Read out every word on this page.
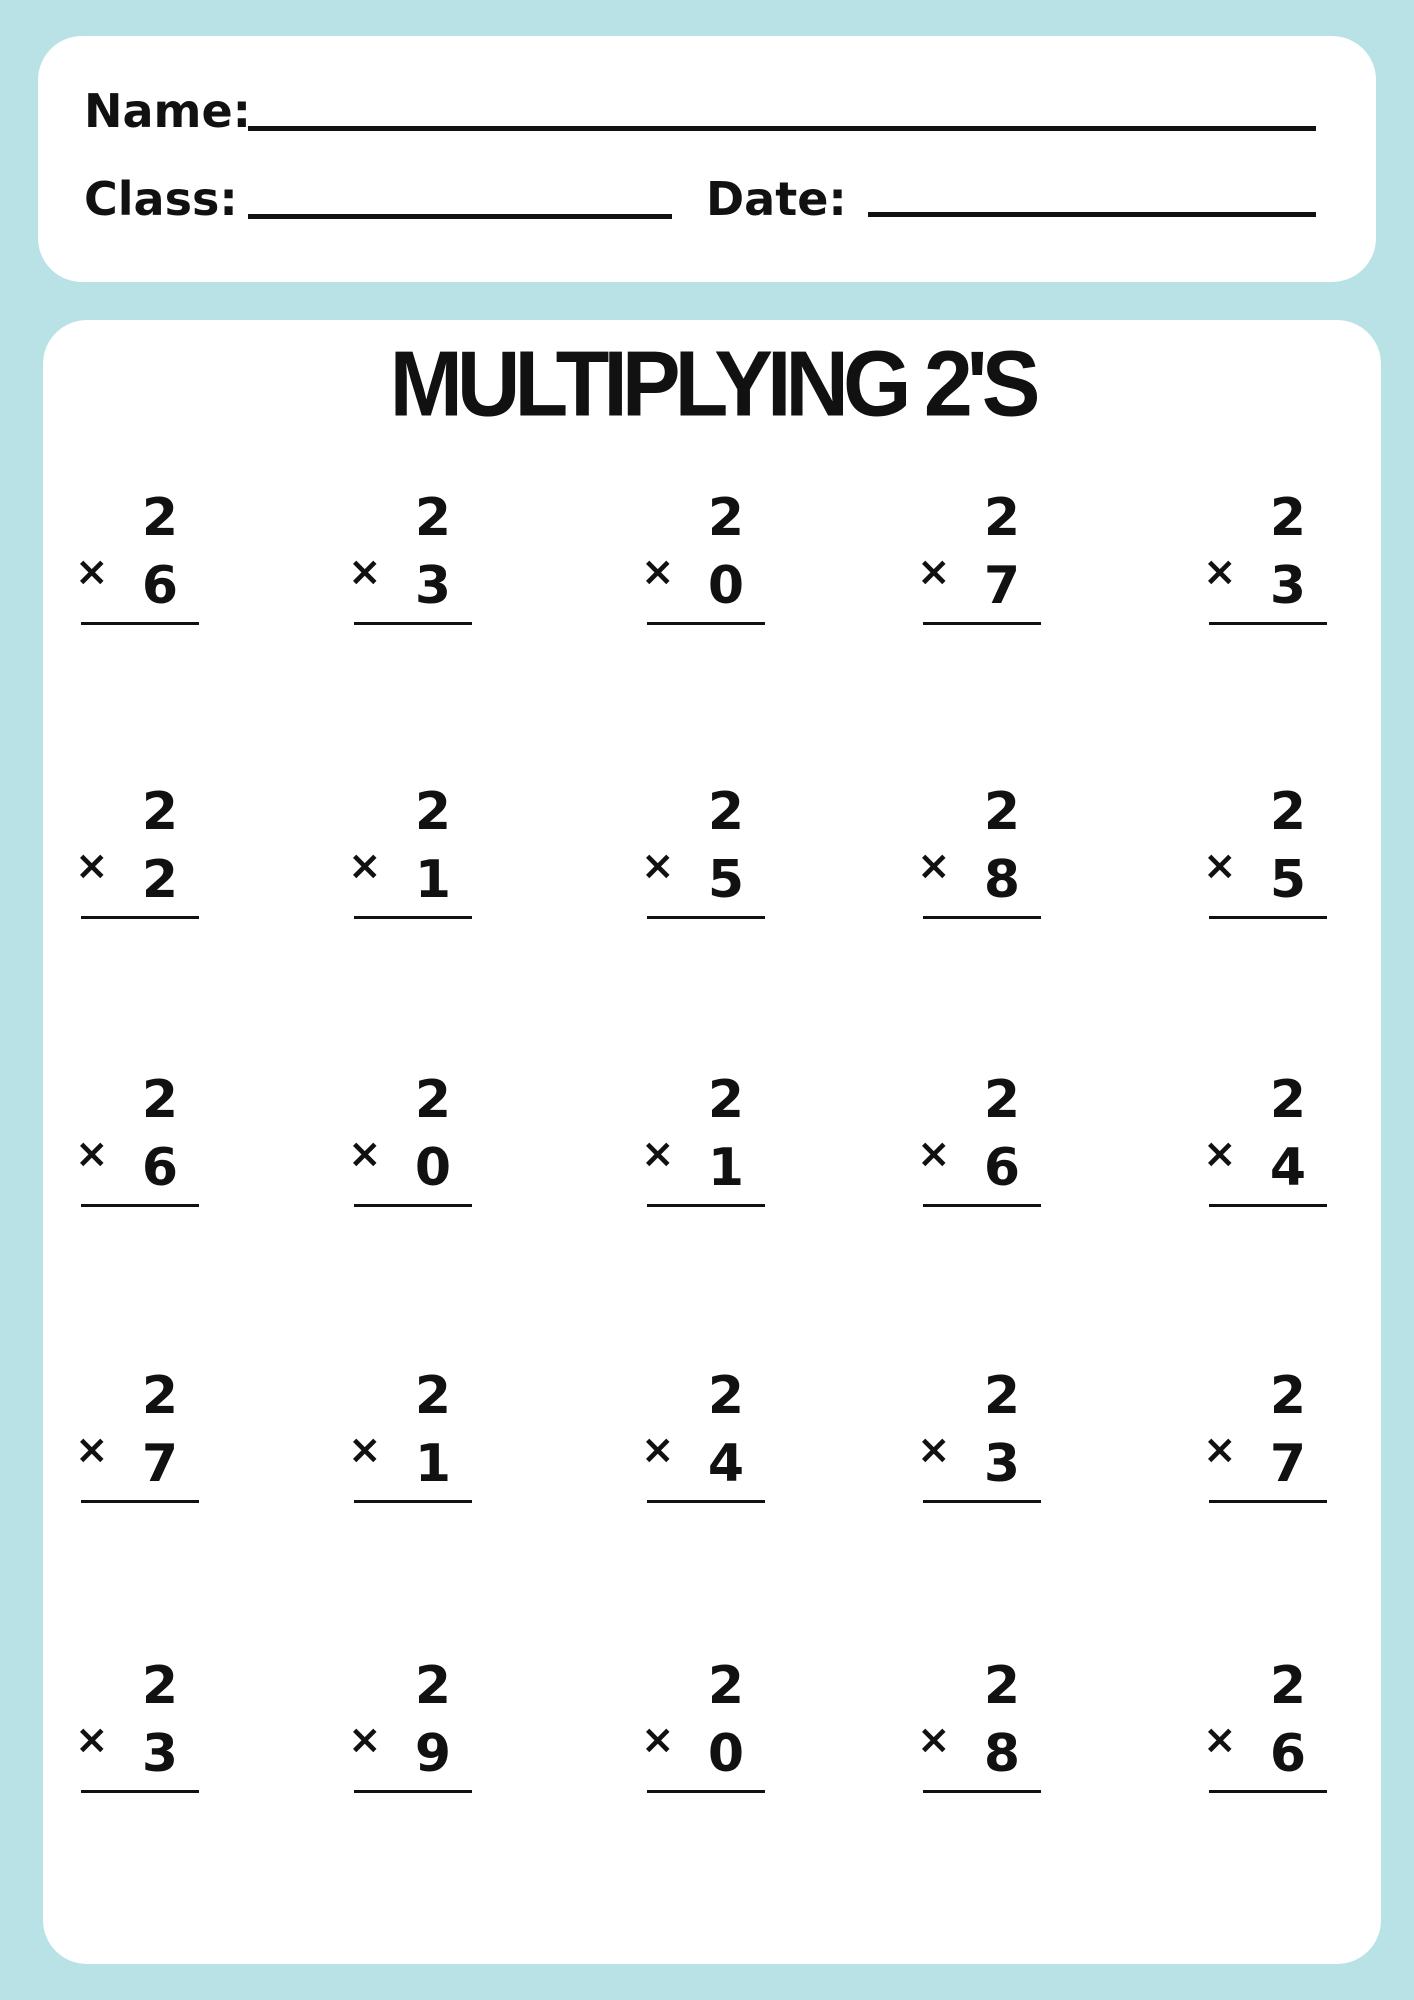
Name:
Class:	Date:
MULTIPLYING 2'S
2
× 6
2
× 3
2
× 0
2
× 7
2
× 3
2
× 2
2
× 1
2
× 5
2
× 8
2
× 5
2
× 6
2
× 0
2
× 1
2
× 6
2
× 4
2
× 7
2
× 1
2
× 4
2
× 3
2
× 7
2
× 3
2
× 9
2
× 0
2
× 8
2
× 6
